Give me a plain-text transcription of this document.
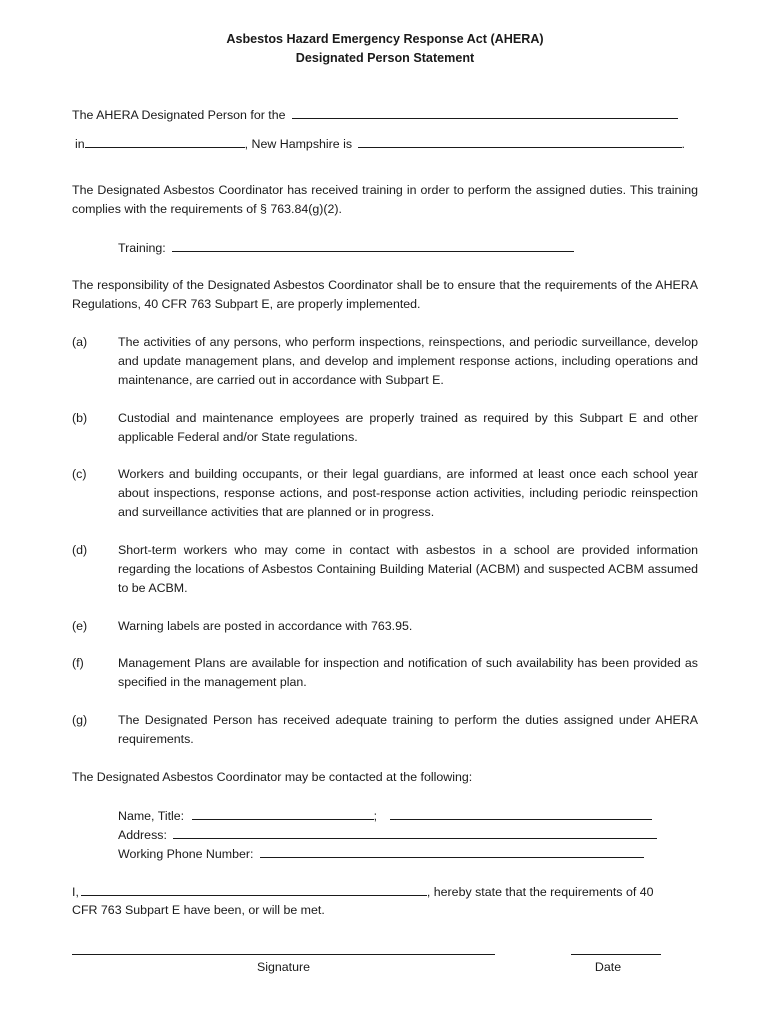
Asbestos Hazard Emergency Response Act (AHERA)
Designated Person Statement
The AHERA Designated Person for the
in	, New Hampshire is	.
The Designated Asbestos Coordinator has received training in order to perform the assigned duties. This training complies with the requirements of § 763.84(g)(2).
Training:
The responsibility of the Designated Asbestos Coordinator shall be to ensure that the requirements of the AHERA Regulations, 40 CFR 763 Subpart E, are properly implemented.
(a) The activities of any persons, who perform inspections, reinspections, and periodic surveillance, develop and update management plans, and develop and implement response actions, including operations and maintenance, are carried out in accordance with Subpart E.
(b) Custodial and maintenance employees are properly trained as required by this Subpart E and other applicable Federal and/or State regulations.
(c)	Workers and building occupants, or their legal guardians, are informed at least once each school year about inspections, response actions, and post-response action activities, including periodic reinspection and surveillance activities that are planned or in progress.
(d) Short-term workers who may come in contact with asbestos in a school are provided information regarding the locations of Asbestos Containing Building Material (ACBM) and suspected ACBM assumed to be ACBM.
(e) Warning labels are posted in accordance with 763.95.
(f)	Management Plans are available for inspection and notification of such availability has been provided as specified in the management plan.
(g) The Designated Person has received adequate training to perform the duties assigned under AHERA requirements.
The Designated Asbestos Coordinator may be contacted at the following:
Name, Title:	;
Address:
Working Phone Number:
I,	, hereby state that the requirements of 40
CFR 763 Subpart E have been, or will be met.
Signature	Date
